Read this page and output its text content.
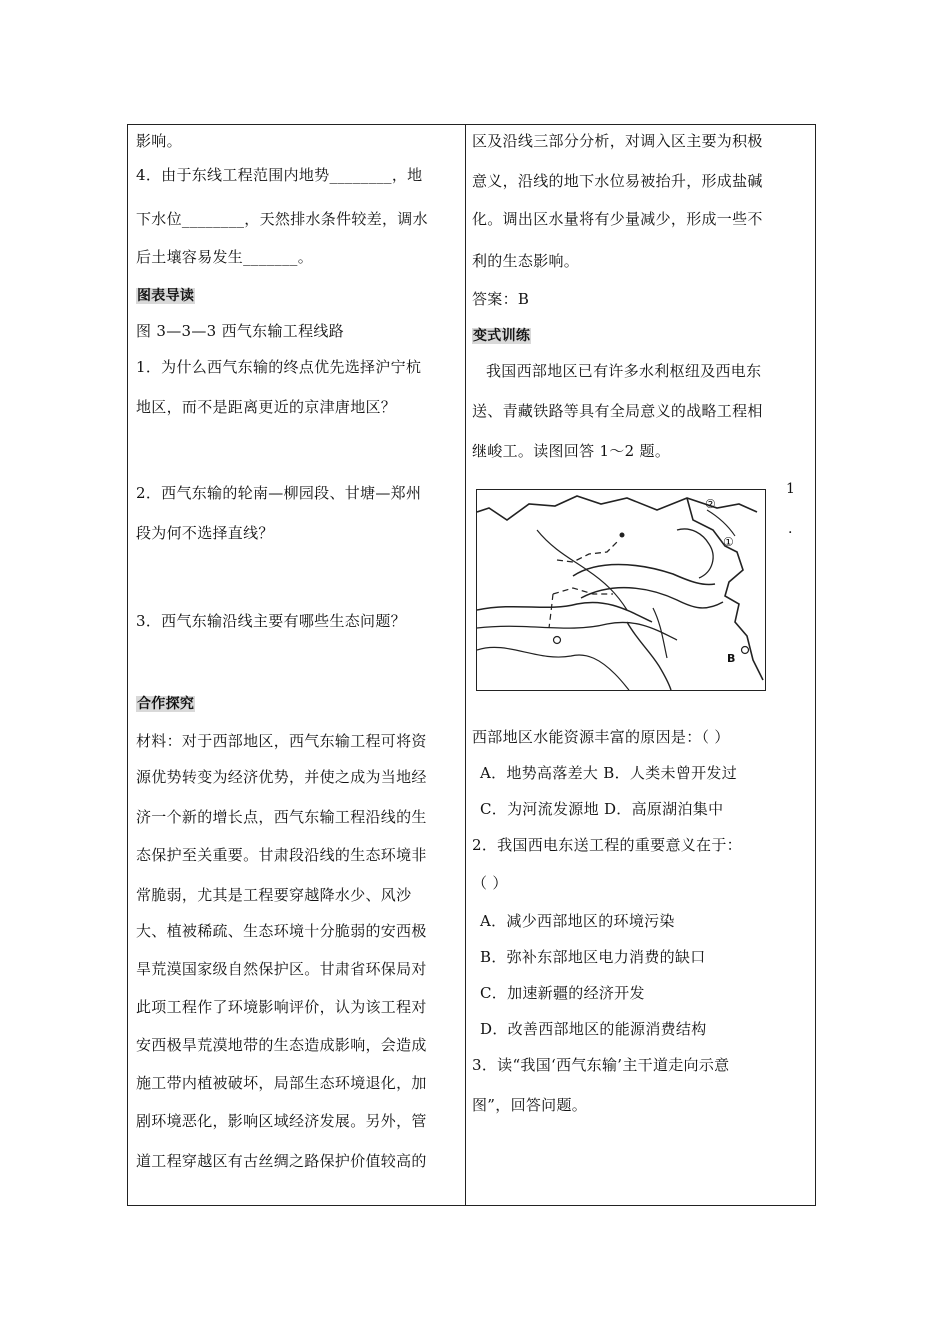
影响。
4．由于东线工程范围内地势________，地
下水位________，天然排水条件较差，调水
后土壤容易发生_______。
图表导读
图 3—3—3 西气东输工程线路
1．为什么西气东输的终点优先选择沪宁杭
地区，而不是距离更近的京津唐地区？
2．西气东输的轮南—柳园段、甘塘—郑州
段为何不选择直线？
3．西气东输沿线主要有哪些生态问题？
合作探究
材料：对于西部地区，西气东输工程可将资
源优势转变为经济优势，并使之成为当地经
济一个新的增长点，西气东输工程沿线的生
态保护至关重要。甘肃段沿线的生态环境非
常脆弱，尤其是工程要穿越降水少、风沙
大、植被稀疏、生态环境十分脆弱的安西极
旱荒漠国家级自然保护区。甘肃省环保局对
此项工程作了环境影响评价，认为该工程对
安西极旱荒漠地带的生态造成影响，会造成
施工带内植被破坏，局部生态环境退化，加
剧环境恶化，影响区域经济发展。另外，管
道工程穿越区有古丝绸之路保护价值较高的
区及沿线三部分分析，对调入区主要为积极
意义，沿线的地下水位易被抬升，形成盐碱
化。调出区水量将有少量减少，形成一些不
利的生态影响。
答案：B
变式训练
我国西部地区已有许多水利枢纽及西电东
送、青藏铁路等具有全局意义的战略工程相
继峻工。读图回答 1～2 题。
②
①
B
1
.
西部地区水能资源丰富的原因是：（ ）
A．地势高落差大 B．人类未曾开发过
C．为河流发源地 D．高原湖泊集中
2．我国西电东送工程的重要意义在于：
（ ）
A．减少西部地区的环境污染
B．弥补东部地区电力消费的缺口
C．加速新疆的经济开发
D．改善西部地区的能源消费结构
3．读“我国‘西气东输’主干道走向示意
图”，回答问题。
